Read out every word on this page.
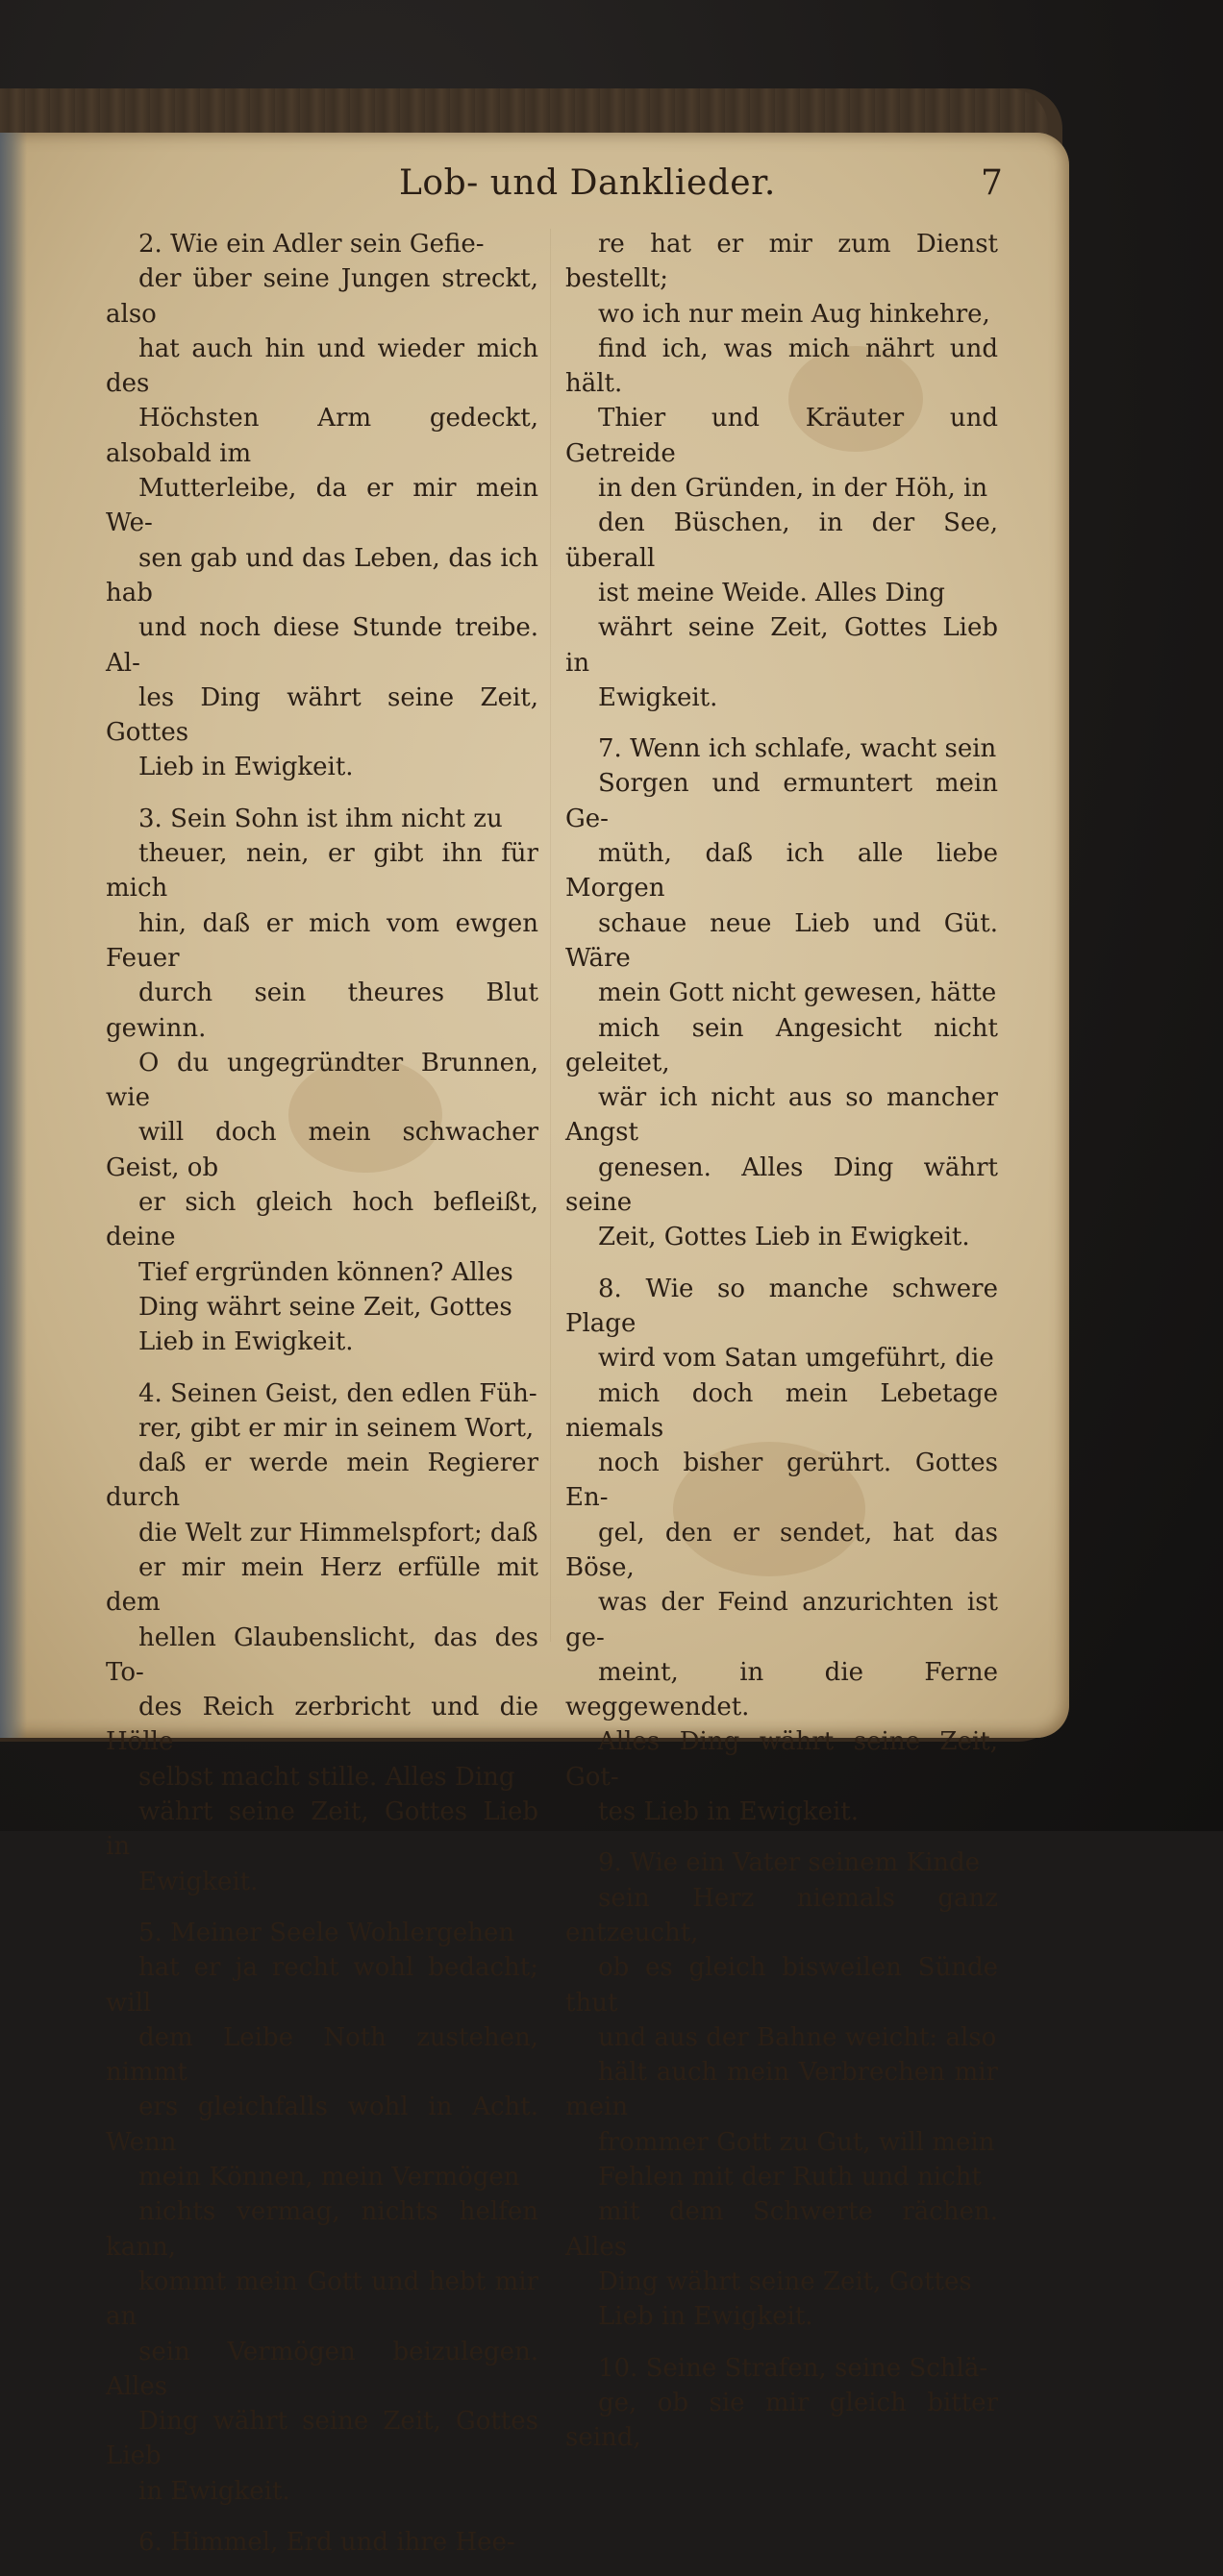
Lob- und Danklieder.	7
2. Wie ein Adler sein Gefie-
der über seine Jungen streckt, also
hat auch hin und wieder mich des
Höchsten Arm gedeckt, alsobald im
Mutterleibe, da er mir mein We-
sen gab und das Leben, das ich hab
und noch diese Stunde treibe. Al-
les Ding währt seine Zeit, Gottes
Lieb in Ewigkeit.
3. Sein Sohn ist ihm nicht zu
theuer, nein, er gibt ihn für mich
hin, daß er mich vom ewgen Feuer
durch sein theures Blut gewinn.
O du ungegründter Brunnen, wie
will doch mein schwacher Geist, ob
er sich gleich hoch befleißt, deine
Tief ergründen können? Alles
Ding währt seine Zeit, Gottes
Lieb in Ewigkeit.
4. Seinen Geist, den edlen Füh-
rer, gibt er mir in seinem Wort,
daß er werde mein Regierer durch
die Welt zur Himmelspfort; daß
er mir mein Herz erfülle mit dem
hellen Glaubenslicht, das des To-
des Reich zerbricht und die Hölle
selbst macht stille. Alles Ding
währt seine Zeit, Gottes Lieb in
Ewigkeit.
5. Meiner Seele Wohlergehen
hat er ja recht wohl bedacht; will
dem Leibe Noth zustehen, nimmt
ers gleichfalls wohl in Acht. Wenn
mein Können, mein Vermögen
nichts vermag, nichts helfen kann,
kommt mein Gott und hebt mir an
sein Vermögen beizulegen. Alles
Ding währt seine Zeit, Gottes Lieb
in Ewigkeit.
6. Himmel, Erd und ihre Hee-
re hat er mir zum Dienst bestellt;
wo ich nur mein Aug hinkehre,
find ich, was mich nährt und hält.
Thier und Kräuter und Getreide
in den Gründen, in der Höh, in
den Büschen, in der See, überall
ist meine Weide. Alles Ding
währt seine Zeit, Gottes Lieb in
Ewigkeit.
7. Wenn ich schlafe, wacht sein
Sorgen und ermuntert mein Ge-
müth, daß ich alle liebe Morgen
schaue neue Lieb und Güt. Wäre
mein Gott nicht gewesen, hätte
mich sein Angesicht nicht geleitet,
wär ich nicht aus so mancher Angst
genesen. Alles Ding währt seine
Zeit, Gottes Lieb in Ewigkeit.
8. Wie so manche schwere Plage
wird vom Satan umgeführt, die
mich doch mein Lebetage niemals
noch bisher gerührt. Gottes En-
gel, den er sendet, hat das Böse,
was der Feind anzurichten ist ge-
meint, in die Ferne weggewendet.
Alles Ding währt seine Zeit, Got-
tes Lieb in Ewigkeit.
9. Wie ein Vater seinem Kinde
sein Herz niemals ganz entzeucht,
ob es gleich bisweilen Sünde thut
und aus der Bahne weicht: also
hält auch mein Verbrechen mir mein
frommer Gott zu Gut, will mein
Fehlen mit der Ruth und nicht
mit dem Schwerte rächen. Alles
Ding währt seine Zeit, Gottes
Lieb in Ewigkeit.
10. Seine Strafen, seine Schlä-
ge, ob sie mir gleich bitter seind,
